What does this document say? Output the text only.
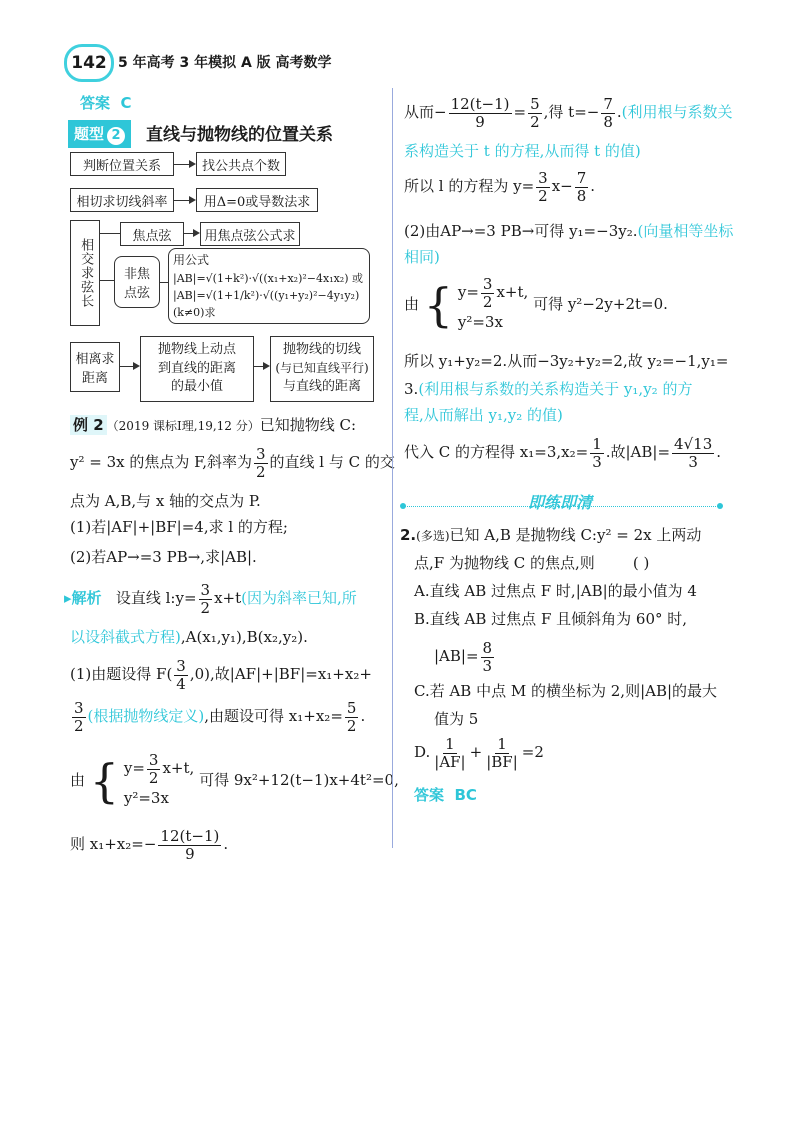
142 5 年高考 3 年模拟 A 版 高考数学
答案 C
题型 2	直线与抛物线的位置关系
判断位置关系	找公共点个数
相切求切线斜率	用Δ=0或导数法求
相交求弦长
焦点弦	用焦点弦公式求
非焦
点弦
用公式
|AB|=√(1+k²)·√((x₁+x₂)²−4x₁x₂) 或
|AB|=√(1+1/k²)·√((y₁+y₂)²−4y₁y₂) (k≠0)求
相离求
距离
抛物线上动点
到直线的距离
的最小值
抛物线的切线
(与已知直线平行)
与直线的距离
例 2 （2019 课标Ⅰ理,19,12 分）已知抛物线 C:
y² = 3x 的焦点为 F,斜率为 $\frac{3}{2}$ 的直线 l 与 C 的交
点为 A,B,与 x 轴的交点为 P.
(1)若|AF|+|BF|=4,求 l 的方程;
(2)若AP→=3 PB→,求|AB|.
▸解析 设直线 l:y= $\frac{3}{2} x+t$(因为斜率已知,所
以设斜截式方程),A(x₁,y₁),B(x₂,y₂).
(1)由题设得 $F( \frac{3}{4} ,0)$,故|AF|+|BF|=x₁+x₂+
$\frac{3}{2}$ (根据抛物线定义),由题设可得 $x_1+x_2= \frac{5}{2}$ .
由 { $y= \frac{3}{2} x+t$,
y²=3x
可得 9x²+12(t−1)x+4t²=0,
则 $x_1+x_2=- \frac{12(t-1)}{9}$ .
从而− $\frac{12(t-1)}{9} = \frac{5}{2}$ ,得 $t=- \frac{7}{8}$ .(利用根与系数关
系构造关于 t 的方程,从而得 t 的值)
所以 l 的方程为 $y= \frac{3}{2} x- \frac{7}{8}$ .
(2)由AP→=3 PB→可得 y₁=−3y₂.(向量相等坐标
相同)
由 { $y= \frac{3}{2} x+t$,
y²=3x
可得 y²−2y+2t=0.
所以 y₁+y₂=2.从而−3y₂+y₂=2,故 y₂=−1,y₁=
3.(利用根与系数的关系构造关于 y₁,y₂ 的方
程,从而解出 y₁,y₂ 的值)
代入 C 的方程得 $x_1=3,x_2= \frac{1}{3}$ .故$|AB|= \frac{4√13}{3}$ .
即练即清
2.(多选)已知 A,B 是抛物线 C:y² = 2x 上两动
点,F 为抛物线 C 的焦点,则	( )
A.直线 AB 过焦点 F 时,|AB|的最小值为 4
B.直线 AB 过焦点 F 且倾斜角为 60° 时,
$|AB|= \frac{8}{3}$
C.若 AB 中点 M 的横坐标为 2,则|AB|的最大
值为 5
D. $\frac{1}{|AF|} + \frac{1}{|BF|} =2$
答案 BC
